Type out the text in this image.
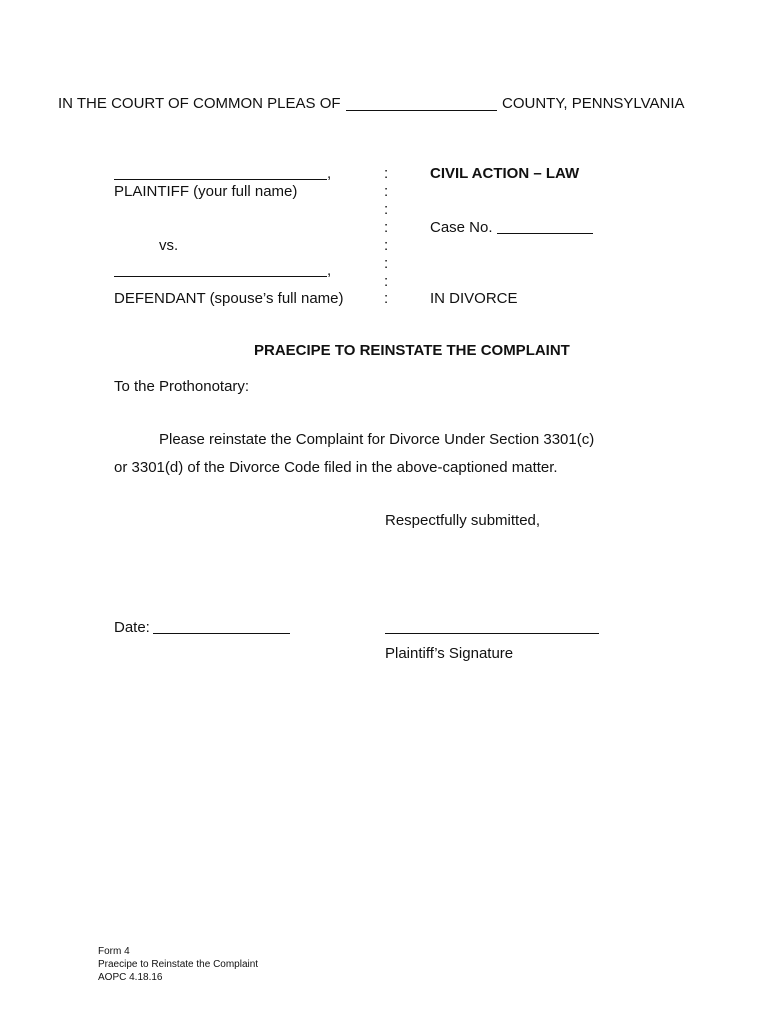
IN THE COURT OF COMMON PLEAS OF	COUNTY, PENNSYLVANIA
,
PLAINTIFF (your full name)
vs.
,
DEFENDANT (spouse’s full name)
:
:
:
:
:
:
:
:
CIVIL ACTION – LAW
Case No.
IN DIVORCE
PRAECIPE TO REINSTATE THE COMPLAINT
To the Prothonotary:
Please reinstate the Complaint for Divorce Under Section 3301(c)
or 3301(d) of the Divorce Code filed in the above-captioned matter.
Respectfully submitted,
Date:
Plaintiff’s Signature
Form 4
Praecipe to Reinstate the Complaint
AOPC 4.18.16
